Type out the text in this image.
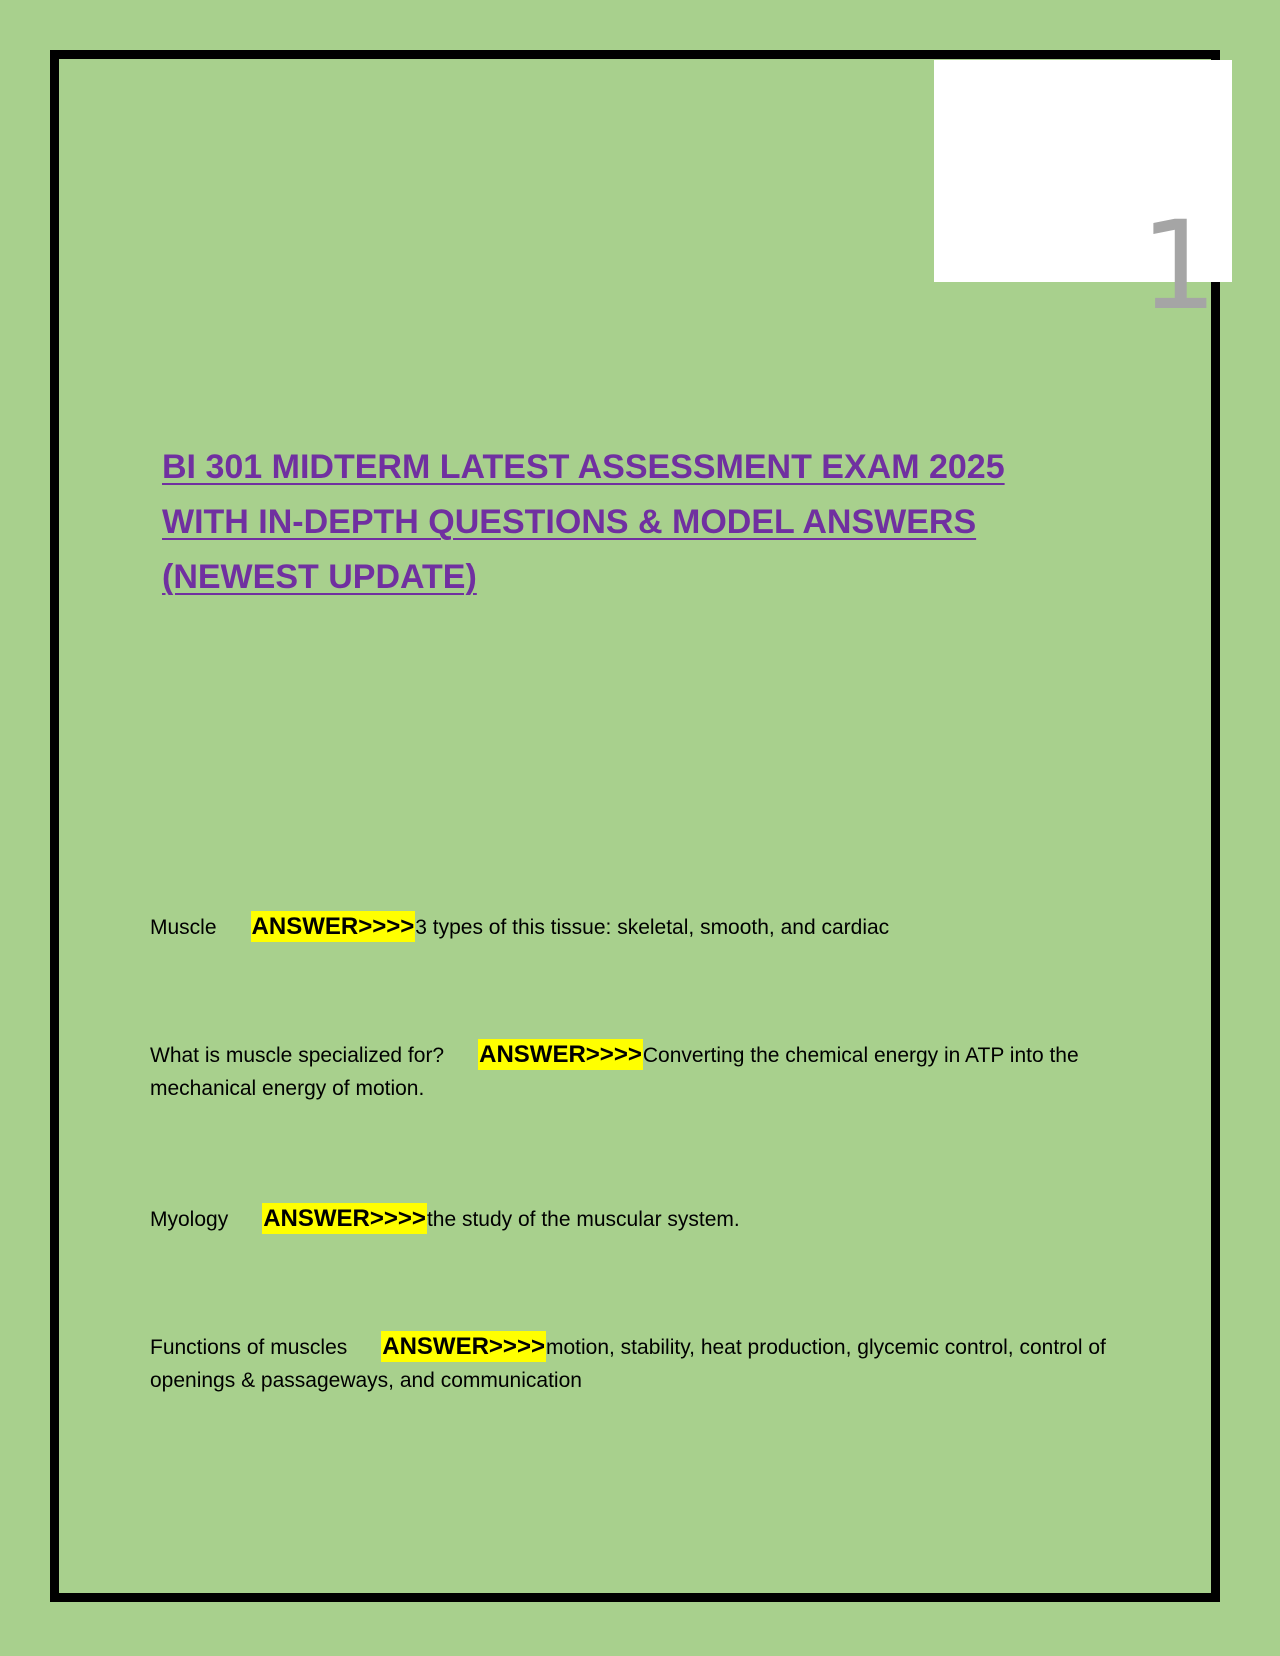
1
BI 301 MIDTERM LATEST ASSESSMENT EXAM 2025
WITH IN-DEPTH QUESTIONS & MODEL ANSWERS
(NEWEST UPDATE)
Muscle ANSWER>>>>3 types of this tissue: skeletal, smooth, and cardiac
What is muscle specialized for? ANSWER>>>>Converting the chemical energy in ATP into the mechanical energy of motion.
Myology ANSWER>>>>the study of the muscular system.
Functions of muscles ANSWER>>>>motion, stability, heat production, glycemic control, control of openings & passageways, and communication
